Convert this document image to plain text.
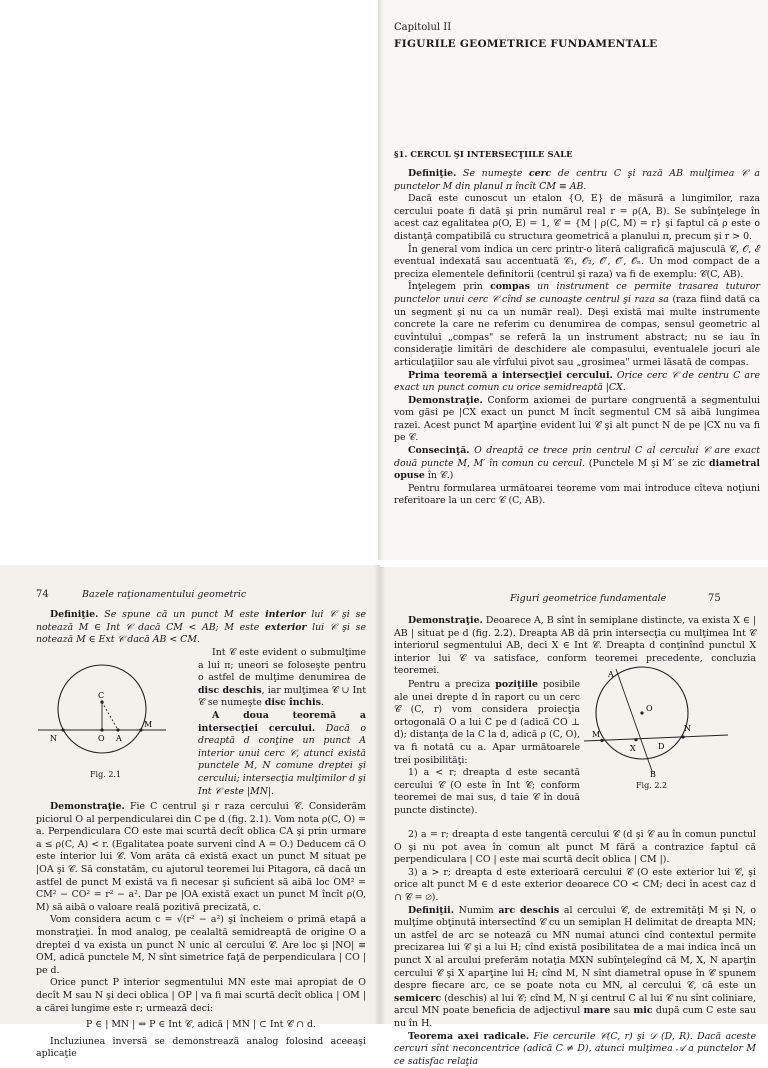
Capitolul II
FIGURILE GEOMETRICE FUNDAMENTALE
§1. CERCUL ŞI INTERSECŢIILE SALE

Definiţie. Se numeşte cerc de centru C şi rază AB mulţimea 𝒞 a punctelor M din planul π încît CM ≡ AB.

Dacă este cunoscut un etalon {O, E} de măsură a lungimilor, raza cercului poate fi dată şi prin numărul real r = ρ(A, B). Se subînţelege în acest caz egalitatea ρ(O, E) = 1, 𝒞 = {M | ρ(C, M) = r} şi faptul că ρ este o distanţă compatibilă cu structura geometrică a planului π, precum şi r > 0.

În general vom indica un cerc printr-o literă caligrafică majusculă 𝒞, 𝒪, ℰ eventual indexată sau accentuată 𝒞₁, 𝒪₂, 𝒪′, 𝒪′, 𝒪ₙ. Un mod compact de a preciza elementele definitorii (centrul şi raza) va fi de exemplu: 𝒞(C, AB).

Înţelegem prin compas un instrument ce permite trasarea tuturor punctelor unui cerc 𝒞 cînd se cunoaşte centrul şi raza sa (raza fiind dată ca un segment şi nu ca un număr real). Deşi există mai multe instrumente concrete la care ne referim cu denumirea de compas, sensul geometric al cuvîntului „compas" se referă la un instrument abstract; nu se iau în consideraţie limitări de deschidere ale compasului, eventualele jocuri ale articulaţiilor sau ale vîrfului pivot sau „grosimea" urmei lăsată de compas.

Prima teoremă a intersecţiei cercului. Orice cerc 𝒞 de centru C are exact un punct comun cu orice semidreaptă |CX.

Demonstraţie. Conform axiomei de purtare congruentă a segmentului vom găsi pe |CX exact un punct M încît segmentul CM să aibă lungimea razei. Acest punct M aparţine evident lui 𝒞 şi alt punct N de pe |CX nu va fi pe 𝒞.

Consecinţă. O dreaptă ce trece prin centrul C al cercului 𝒞 are exact două puncte M, M′ în comun cu cercul. (Punctele M şi M′ se zic diametral opuse în 𝒞.)

Pentru formularea următoarei teoreme vom mai introduce cîteva noţiuni referitoare la un cerc 𝒞 (C, AB).

74	Bazele raţionamentului geometric

Definiţie. Se spune că un punct M este interior lui 𝒞 şi se notează M ∈ Int 𝒞 dacă CM < AB; M este exterior lui 𝒞 şi se notează M ∈ Ext 𝒞 dacă AB < CM.

C
N	O A
M
Fig. 2.1

Int 𝒞 este evident o submulţime a lui π; uneori se foloseşte pentru o astfel de mulţime denumirea de disc deschis, iar mulţimea 𝒞 ∪ Int 𝒞 se numeşte disc închis.

A doua teoremă a intersecţiei cercului. Dacă o dreaptă d conţine un punct A interior unui cerc 𝒞, atunci există punctele M, N comune dreptei şi cercului; intersecţia mulţimilor d şi Int 𝒞 este |MN|.

Demonstraţie. Fie C centrul şi r raza cercului 𝒞. Considerăm piciorul O al perpendicularei din C pe d (fig. 2.1). Vom nota ρ(C, O) = a. Perpendiculara CO este mai scurtă decît oblica CA şi prin urmare a ≤ ρ(C, A) < r. (Egalitatea poate surveni cînd A = O.) Deducem că O este interior lui 𝒞. Vom arăta că există exact un punct M situat pe |OA şi 𝒞. Să constatăm, cu ajutorul teoremei lui Pitagora, că dacă un astfel de punct M există va fi necesar şi suficient să aibă loc OM² = CM² − CO² = r² − a². Dar pe |OA există exact un punct M încît ρ(O, M) să aibă o valoare reală pozitivă precizată, c.

Vom considera acum c = √(r² − a²) şi încheiem o primă etapă a monstraţiei. În mod analog, pe cealaltă semidreaptă de origine O a dreptei d va exista un punct N unic al cercului 𝒞. Are loc şi |NO| ≡ OM, adică punctele M, N sînt simetrice faţă de perpendiculara | CO | pe d.

Orice punct P interior segmentului MN este mai apropiat de O decît M sau N şi deci oblica | OP | va fi mai scurtă decît oblica | OM | a cărei lungime este r; urmează deci:

P ∈ | MN | ⇒ P ∈ Int 𝒞, adică | MN | ⊂ Int 𝒞 ∩ d.

Incluziunea inversă se demonstrează analog folosind aceeaşi aplicaţie

Figuri geometrice fundamentale	75

Demonstraţie. Deoarece A, B sînt în semiplane distincte, va exista X ∈ | AB | situat pe d (fig. 2.2). Dreapta AB dă prin intersecţia cu mulţimea Int 𝒞 interiorul segmentului AB, deci X ∈ Int 𝒞. Dreapta d conţinînd punctul X interior lui 𝒞 va satisface, conform teoremei precedente, concluzia teoremei.	A
O
M
X	D
N
B
Fig. 2.2

Pentru a preciza poziţiile posibile ale unei drepte d în raport cu un cerc 𝒞 (C, r) vom considera proiecţia ortogonală O a lui C pe d (adică CO ⊥ d); distanţa de la C la d, adică ρ (C, O), va fi notată cu a. Apar următoarele trei posibilităţi:

1) a < r; dreapta d este secantă cercului 𝒞 (O este în Int 𝒞; conform teoremei de mai sus, d taie 𝒞 în două puncte distincte).

2) a = r; dreapta d este tangentă cercului 𝒞 (d şi 𝒞 au în comun punctul O şi nu pot avea în comun alt punct M fără a contrazice faptul că perpendiculara | CO | este mai scurtă decît oblica | CM |).

3) a > r; dreapta d este exterioară cercului 𝒞 (O este exterior lui 𝒞, şi orice alt punct M ∈ d este exterior deoarece CO < CM; deci în acest caz d ∩ 𝒞 = ∅).

Definiţii. Numim arc deschis al cercului 𝒞, de extremităţi M şi N, o mulţime obţinută intersectînd 𝒞 cu un semiplan H delimitat de dreapta MN; un astfel de arc se notează cu MN numai atunci cînd contextul permite precizarea lui 𝒞 şi a lui H; cînd există posibilitatea de a mai indica încă un punct X al arcului preferăm notaţia MXN subînţelegînd că M, X, N aparţin cercului 𝒞 şi X aparţine lui H; cînd M, N sînt diametral opuse în 𝒞 spunem despre fiecare arc, ce se poate nota cu MN, al cercului 𝒞, că este un semicerc (deschis) al lui 𝒞; cînd M, N şi centrul C al lui 𝒞 nu sînt coliniare, arcul MN poate beneficia de adjectivul mare sau mic după cum C este sau nu în H.

Teorema axei radicale. Fie cercurile 𝒞(C, r) şi 𝒟 (D, R). Dacă aceste cercuri sînt neconcentrice (adică C ≠ D), atunci mulţimea 𝒜 a punctelor M ce satisfac relaţia
